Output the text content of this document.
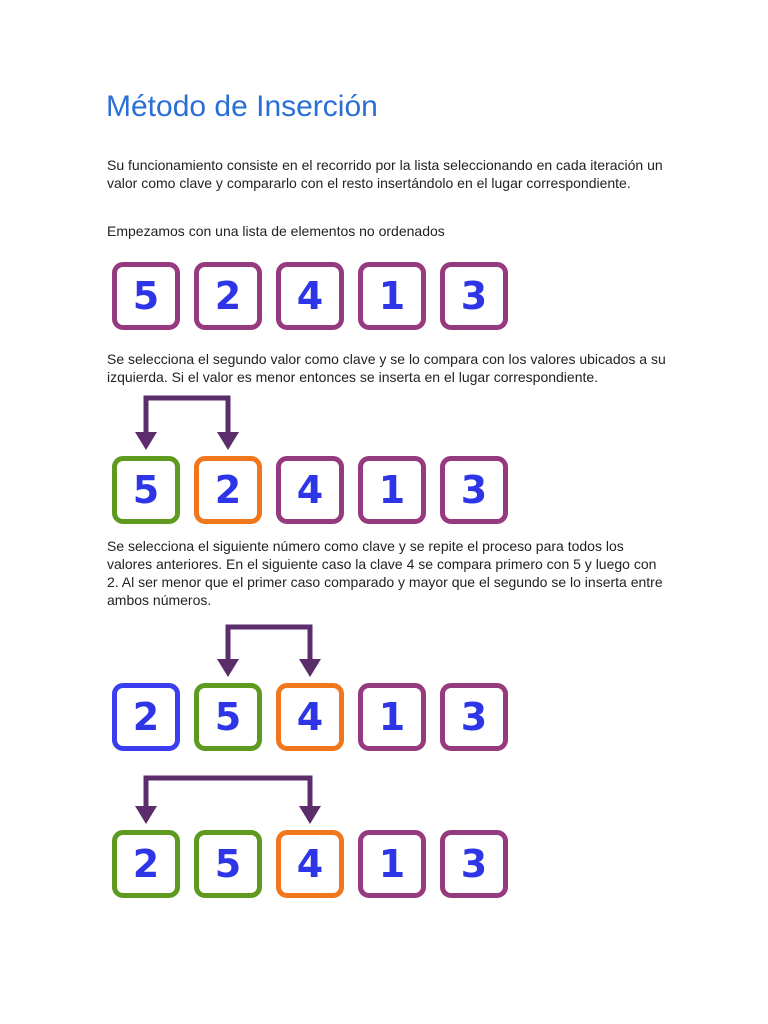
Método de Inserción

Su funcionamiento consiste en el recorrido por la lista seleccionando en cada iteración un valor como clave y compararlo con el resto insertándolo en el lugar correspondiente.

Empezamos con una lista de elementos no ordenados

5	2	4	1	3

Se selecciona el segundo valor como clave y se lo compara con los valores ubicados a su izquierda. Si el valor es menor entonces se inserta en el lugar correspondiente.

5	2	4	1	3

Se selecciona el siguiente número como clave y se repite el proceso para todos los valores anteriores. En el siguiente caso la clave 4 se compara primero con 5 y luego con 2. Al ser menor que el primer caso comparado y mayor que el segundo se lo inserta entre ambos números.

2	5	4	1	3
2	5	4	1	3
